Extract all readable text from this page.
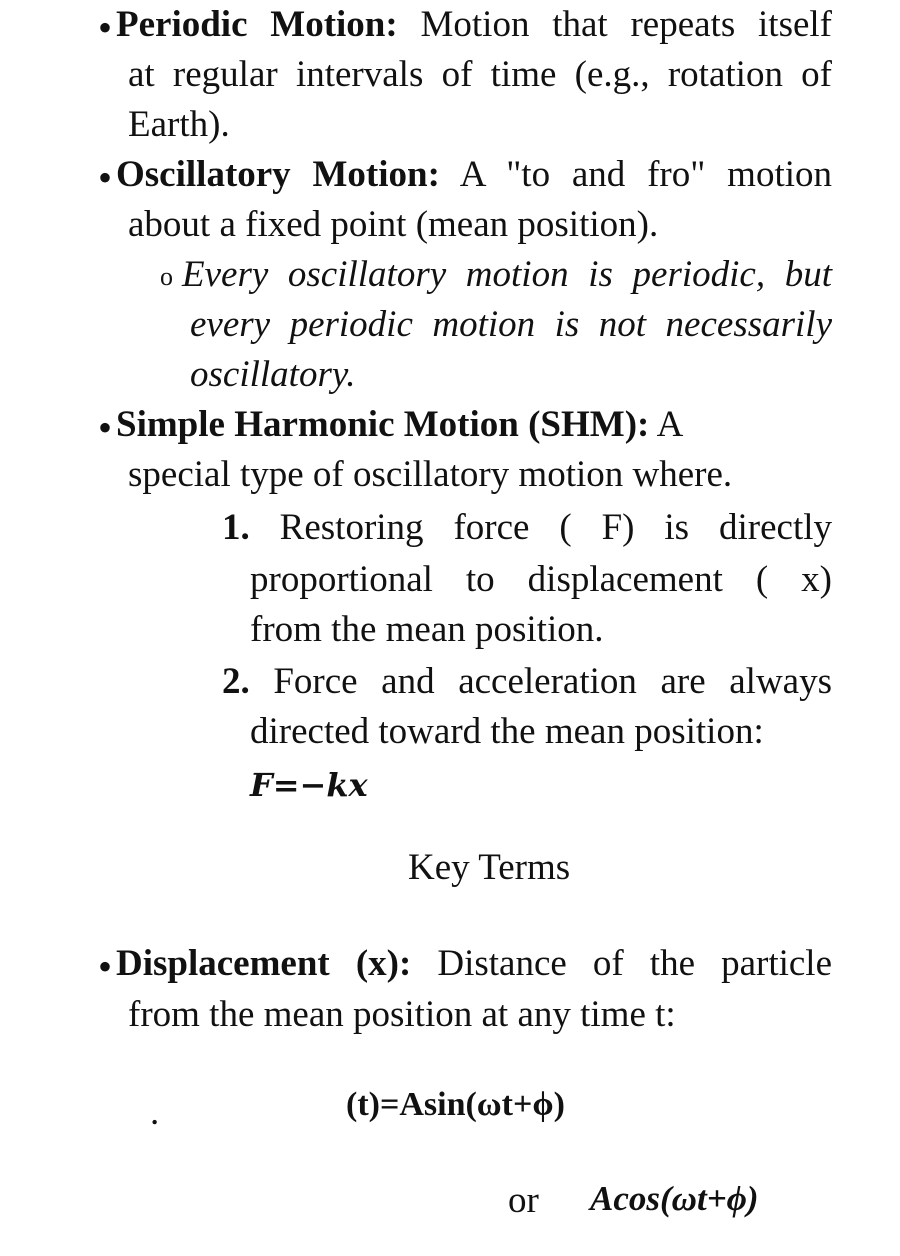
• Periodic Motion: Motion that repeats itself
at regular intervals of time (e.g., rotation of
Earth).
• Oscillatory Motion: A "to and fro" motion
about a fixed point (mean position).
o Every oscillatory motion is periodic, but
every periodic motion is not necessarily
oscillatory.
• Simple Harmonic Motion (SHM): A
special type of oscillatory motion where.
1. Restoring force ( F) is directly
proportional to displacement ( x)
from the mean position.
2. Force and acceleration are always
directed toward the mean position:
F=−kx
Key Terms
• Displacement (x): Distance of the particle
from the mean position at any time t:
.	(t)=Asin(ωt+ϕ)
or Acos(ωt+ϕ)
